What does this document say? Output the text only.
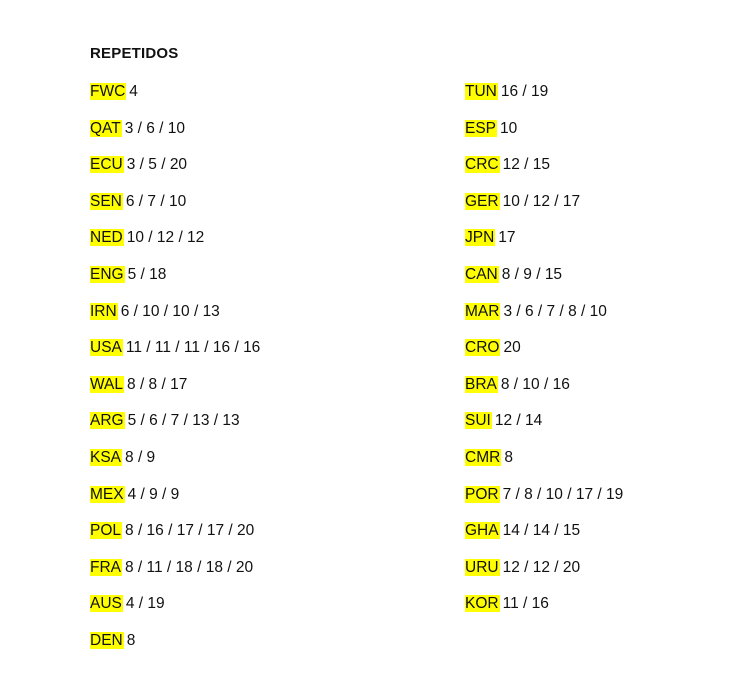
REPETIDOS
FWC 4
QAT 3 / 6 / 10
ECU 3 / 5 / 20
SEN 6 / 7 / 10
NED 10 / 12 / 12
ENG 5 / 18
IRN 6 / 10 / 10 / 13
USA 11 / 11 / 11 / 16 / 16
WAL 8 / 8 / 17
ARG 5 / 6 / 7 / 13 / 13
KSA 8 / 9
MEX 4 / 9 / 9
POL 8 / 16 / 17 / 17 / 20
FRA 8 / 11 / 18 / 18 / 20
AUS 4 / 19
DEN 8
TUN 16 / 19
ESP 10
CRC 12 / 15
GER 10 / 12 / 17
JPN 17
CAN 8 / 9 / 15
MAR 3 / 6 / 7 / 8 / 10
CRO 20
BRA 8 / 10 / 16
SUI 12 / 14
CMR 8
POR 7 / 8 / 10 / 17 / 19
GHA 14 / 14 / 15
URU 12 / 12 / 20
KOR 11 / 16
